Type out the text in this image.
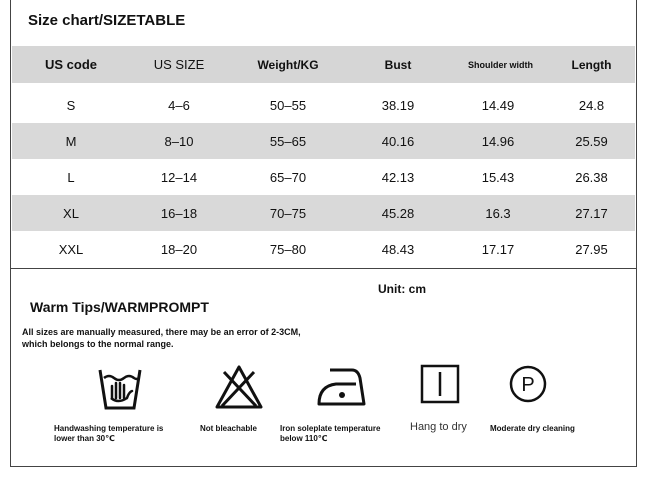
Size chart/SIZETABLE
US code	US SIZE	Weight/KG	Bust	Shoulder width	Length
S	4–6	50–55	38.19	14.49	24.8
M	8–10	55–65	40.16	14.96	25.59
L	12–14	65–70	42.13	15.43	26.38
XL	16–18	70–75	45.28	16.3	27.17
XXL	18–20	75–80	48.43	17.17	27.95
Unit: cm
Warm Tips/WARMPROMPT
All sizes are manually measured, there may be an error of 2-3CM,
which belongs to the normal range.
Handwashing temperature is
lower than 30℃
Not bleachable	Iron soleplate temperature
below 110℃
Hang to dry
P
Moderate dry cleaning
